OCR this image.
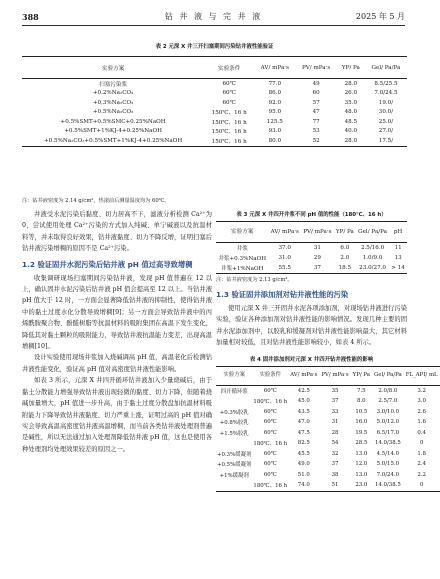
388	钻 井 液 与 完 井 液	2025 年 5 月
表 2 元深 X 井三开扫塞期间污染钻井液性能验证
实验方案	实验条件	AV/ mPa·s	PV/ mPa·s	YP/ Pa	Gel/ Pa/Pa
扫塞污染浆	60℃	77.0	49	28.0	8.5/25.5
+0.2%Na₂CO₃	60℃	86.0	60	26.0	7.0/24.5
+0.3%Na₂CO₃	60℃	92.0	57	35.0	19.0/
+0.5%Na₂CO₃	150℃、16 h	95.0	47	48.0	30.0/
+0.5%SMT+0.5%SMC+0.25%NaOH	150℃、16 h	125.5	77	48.5	25.0/
+0.5%SMT+1%KJ-4+0.25%NaOH	150℃、16 h	93.0	53	40.0	27.0/
+0.5%Na₂CO₃+0.5%SMT+1%KJ-4+0.25%NaOH	150℃、16 h	80.0	52	28.0	17.5/
注：钻井液密度为 2.14 g/cm³，热滚前后测量温度均为 60℃。
井液受水泥污染后黏度、切力居高不下，滤液分析检测 Ca²⁺为 0，尝试使用处理 Ca²⁺污染的方式加入纯碱、单宁碱液以及抗温材料等，并未取得良好效果，钻井液黏度、切力不降反增，证明扫塞后钻井液污染增稠的原因不是 Ca²⁺污染。
1.2 验证固井水泥污染后钻井液 pH 值过高导致增稠
收集调研现场扫塞期间污染钻井液，发现 pH 值普遍在 12 以上，确认固井水泥污染后钻井液 pH 值会提高至 12 以上。当钻井液 pH 值大于 12 时，一方面会显著降低钻井液的抑制性，使得钻井液中的黏土过度水化分散导致增稠[9]；另一方面会导致钻井液中的丙烯酰胺聚合物、酚醛树脂等抗温材料的吸附集团在高温下发生变化，降低其对黏土颗粒的吸附能力，导致钻井液抗温能力变差，出现高温增稠[10]。
设计实验使用现场井浆加入烧碱调高 pH 值，高温老化后检测钻井液性能变化，验证高 pH 值对高密度钻井液性能影响。
如表 3 所示，元深 X 井四开循环钻井液加入少量烧碱后，由于黏土分散能力增强导致钻井液出现轻微的黏度、切力下降，但随着烧碱加量增大，pH 值进一步升高，由于黏土过度分散盘加抗温材料吸附能力下降导致钻井液黏度、切力严重上涨，证明过高的 pH 值对确实会导致高温高密度钻井液高温增稠，而当前各类钻井液处理剂普遍是碱性，所以无法通过加入处理剂降低钻井液 pH 值，这也是使用各种处理剂均处理效果较差的原因之一。
表 3 元深 X 井四开井浆不同 pH 值的性能（180℃、16 h）
实验方案	AV/ mPa·s	PV/ mPa·s	YP/ Pa	Gel/ Pa/Pa	pH
井浆	37.0	31	6.0	2.5/16.0	11
井浆+0.3%NaOH	31.0	29	2.0	1.0/9.0	13
井浆+1%NaOH	55.5	37	18.5	23.0/27.0	> 14
注：钻井液密度为 2.13 g/cm³。
1.3 验证固井添加剂对钻井液性能的污染
使用元深 X 井三开固井水泥各项添加剂，对现场钻井液进行污染实验，验证各种添加剂对钻井液性能的影响情况。发现几种主要的固井水泥添加剂中，以胶乳和缓凝剂对钻井液性能影响最大，其它材料加量相对较低，且对钻井液性能影响较小，如表 4 所示。
表 4 固井添加剂对元深 X 井四开钻井液性能的影响
实验方案	实验条件	AV/ mPa·s	PV/ mPa·s	YP/ Pa	Gel/ Pa/Pa	FL_API/ mL
四开循环浆	60℃	42.5	35	7.5	2.0/8.0	3.2
	180℃、16 h	45.0	37	8.0	2.5/7.0	3.0
+0.3%胶乳	60℃	43.5	33	10.5	3.0/10.0	2.6
+0.8%胶乳	60℃	47.0	31	16.0	5.0/12.0	1.6
+1.5%胶乳	60℃	47.5	28	19.5	6.5/17.0	0.4
	180℃、16 h	82.5	54	28.5	14.0/38.5	0
+0.3%缓凝剂	60℃	45.5	32	13.0	4.5/14.0	1.8
+0.5%缓凝剂	60℃	49.0	37	12.0	5.0/15.0	2.4
+1%缓凝剂	60℃	51.0	38	13.0	7.0/24.0	2.2
	180℃、16 h	74.0	51	23.0	14.0/38.5	0
